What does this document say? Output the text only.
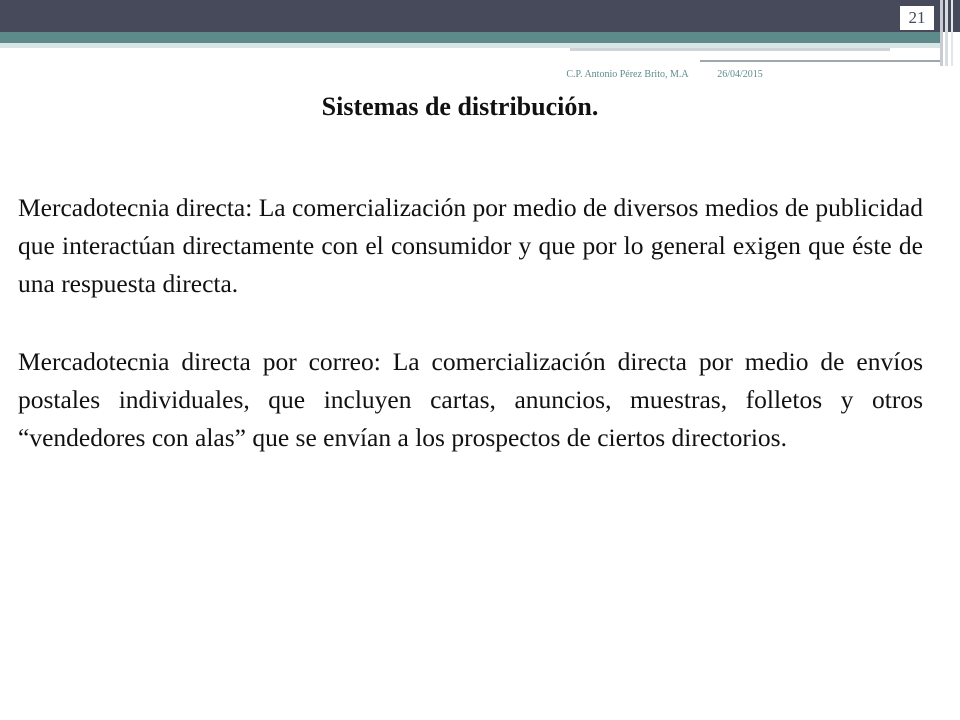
21
C.P. Antonio Pérez Brito, M.A	26/04/2015
Sistemas de distribución.

Mercadotecnia directa: La comercialización por medio de diversos medios de publicidad que interactúan directamente con el consumidor y que por lo general exigen que éste de una respuesta directa.

Mercadotecnia directa por correo: La comercialización directa por medio de envíos postales individuales, que incluyen cartas, anuncios, muestras, folletos y otros “vendedores con alas” que se envían a los prospectos de ciertos directorios.
